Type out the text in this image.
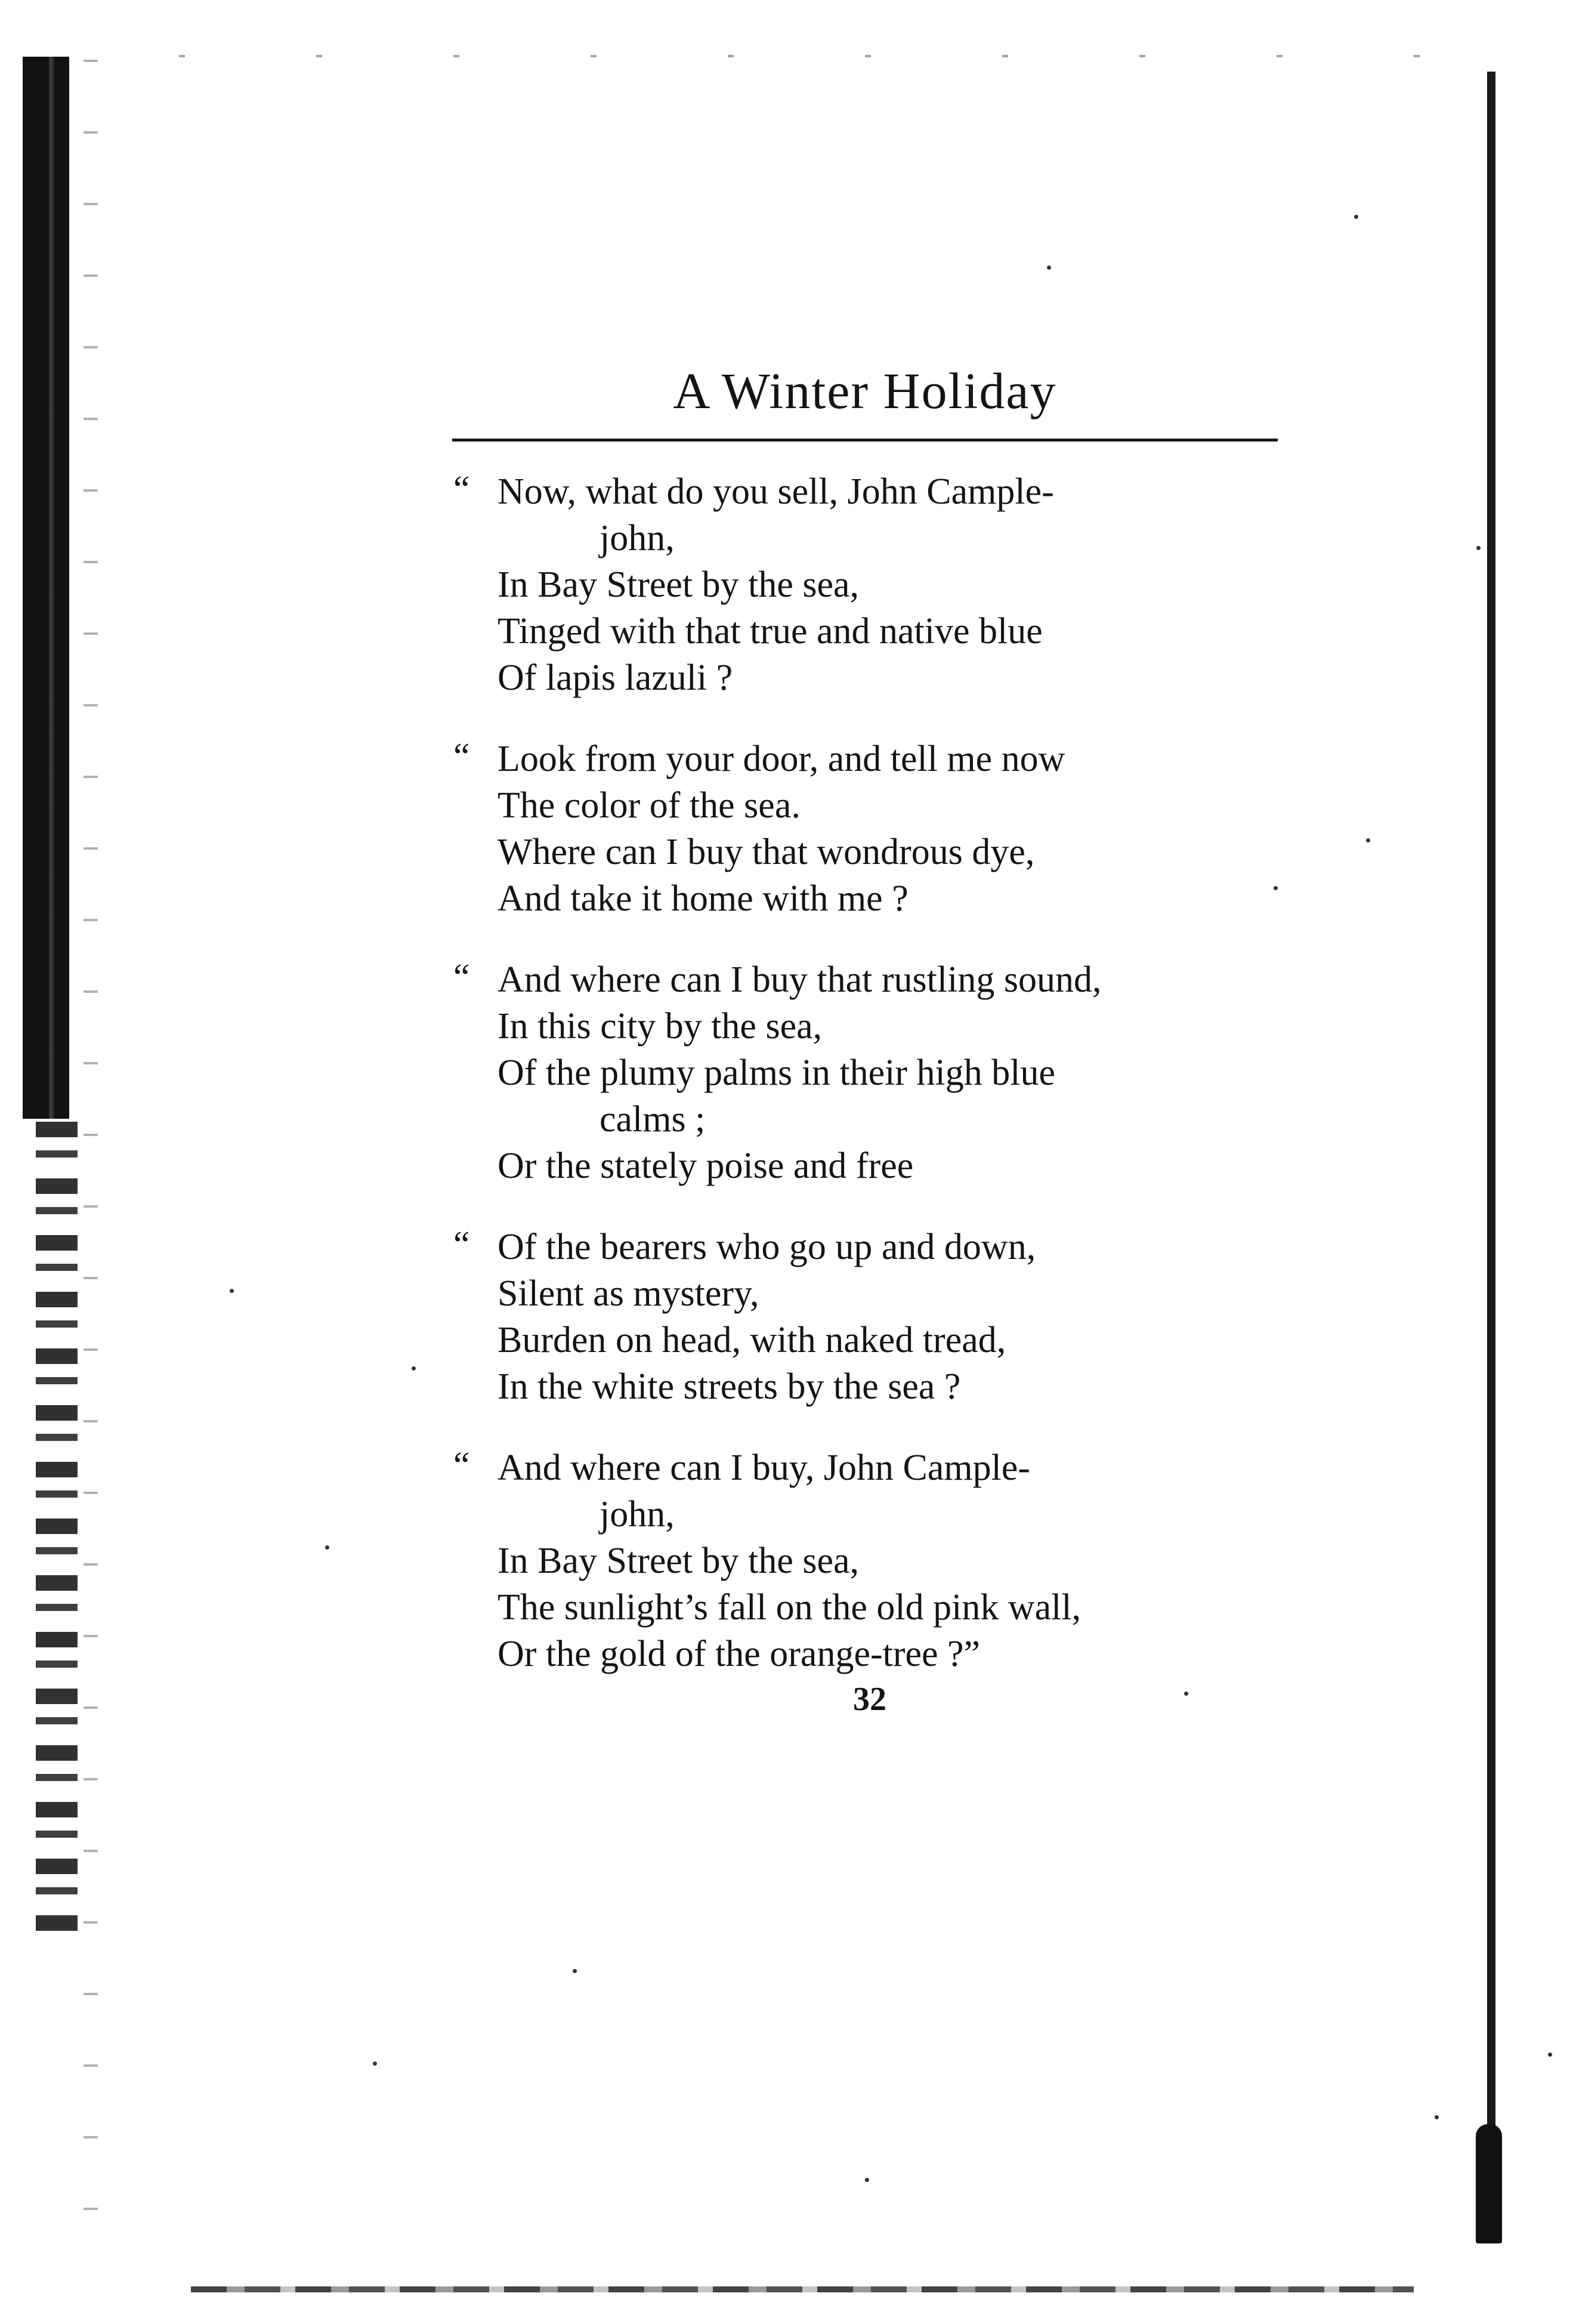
A Winter Holiday
“ Now, what do you sell, John Cample-
john,
In Bay Street by the sea,
Tinged with that true and native blue
Of lapis lazuli ?
“ Look from your door, and tell me now
The color of the sea.
Where can I buy that wondrous dye,
And take it home with me ?
“ And where can I buy that rustling sound,
In this city by the sea,
Of the plumy palms in their high blue
calms ;
Or the stately poise and free
“ Of the bearers who go up and down,
Silent as mystery,
Burden on head, with naked tread,
In the white streets by the sea ?
“ And where can I buy, John Cample-
john,
In Bay Street by the sea,
The sunlight’s fall on the old pink wall,
Or the gold of the orange-tree ?”
32
